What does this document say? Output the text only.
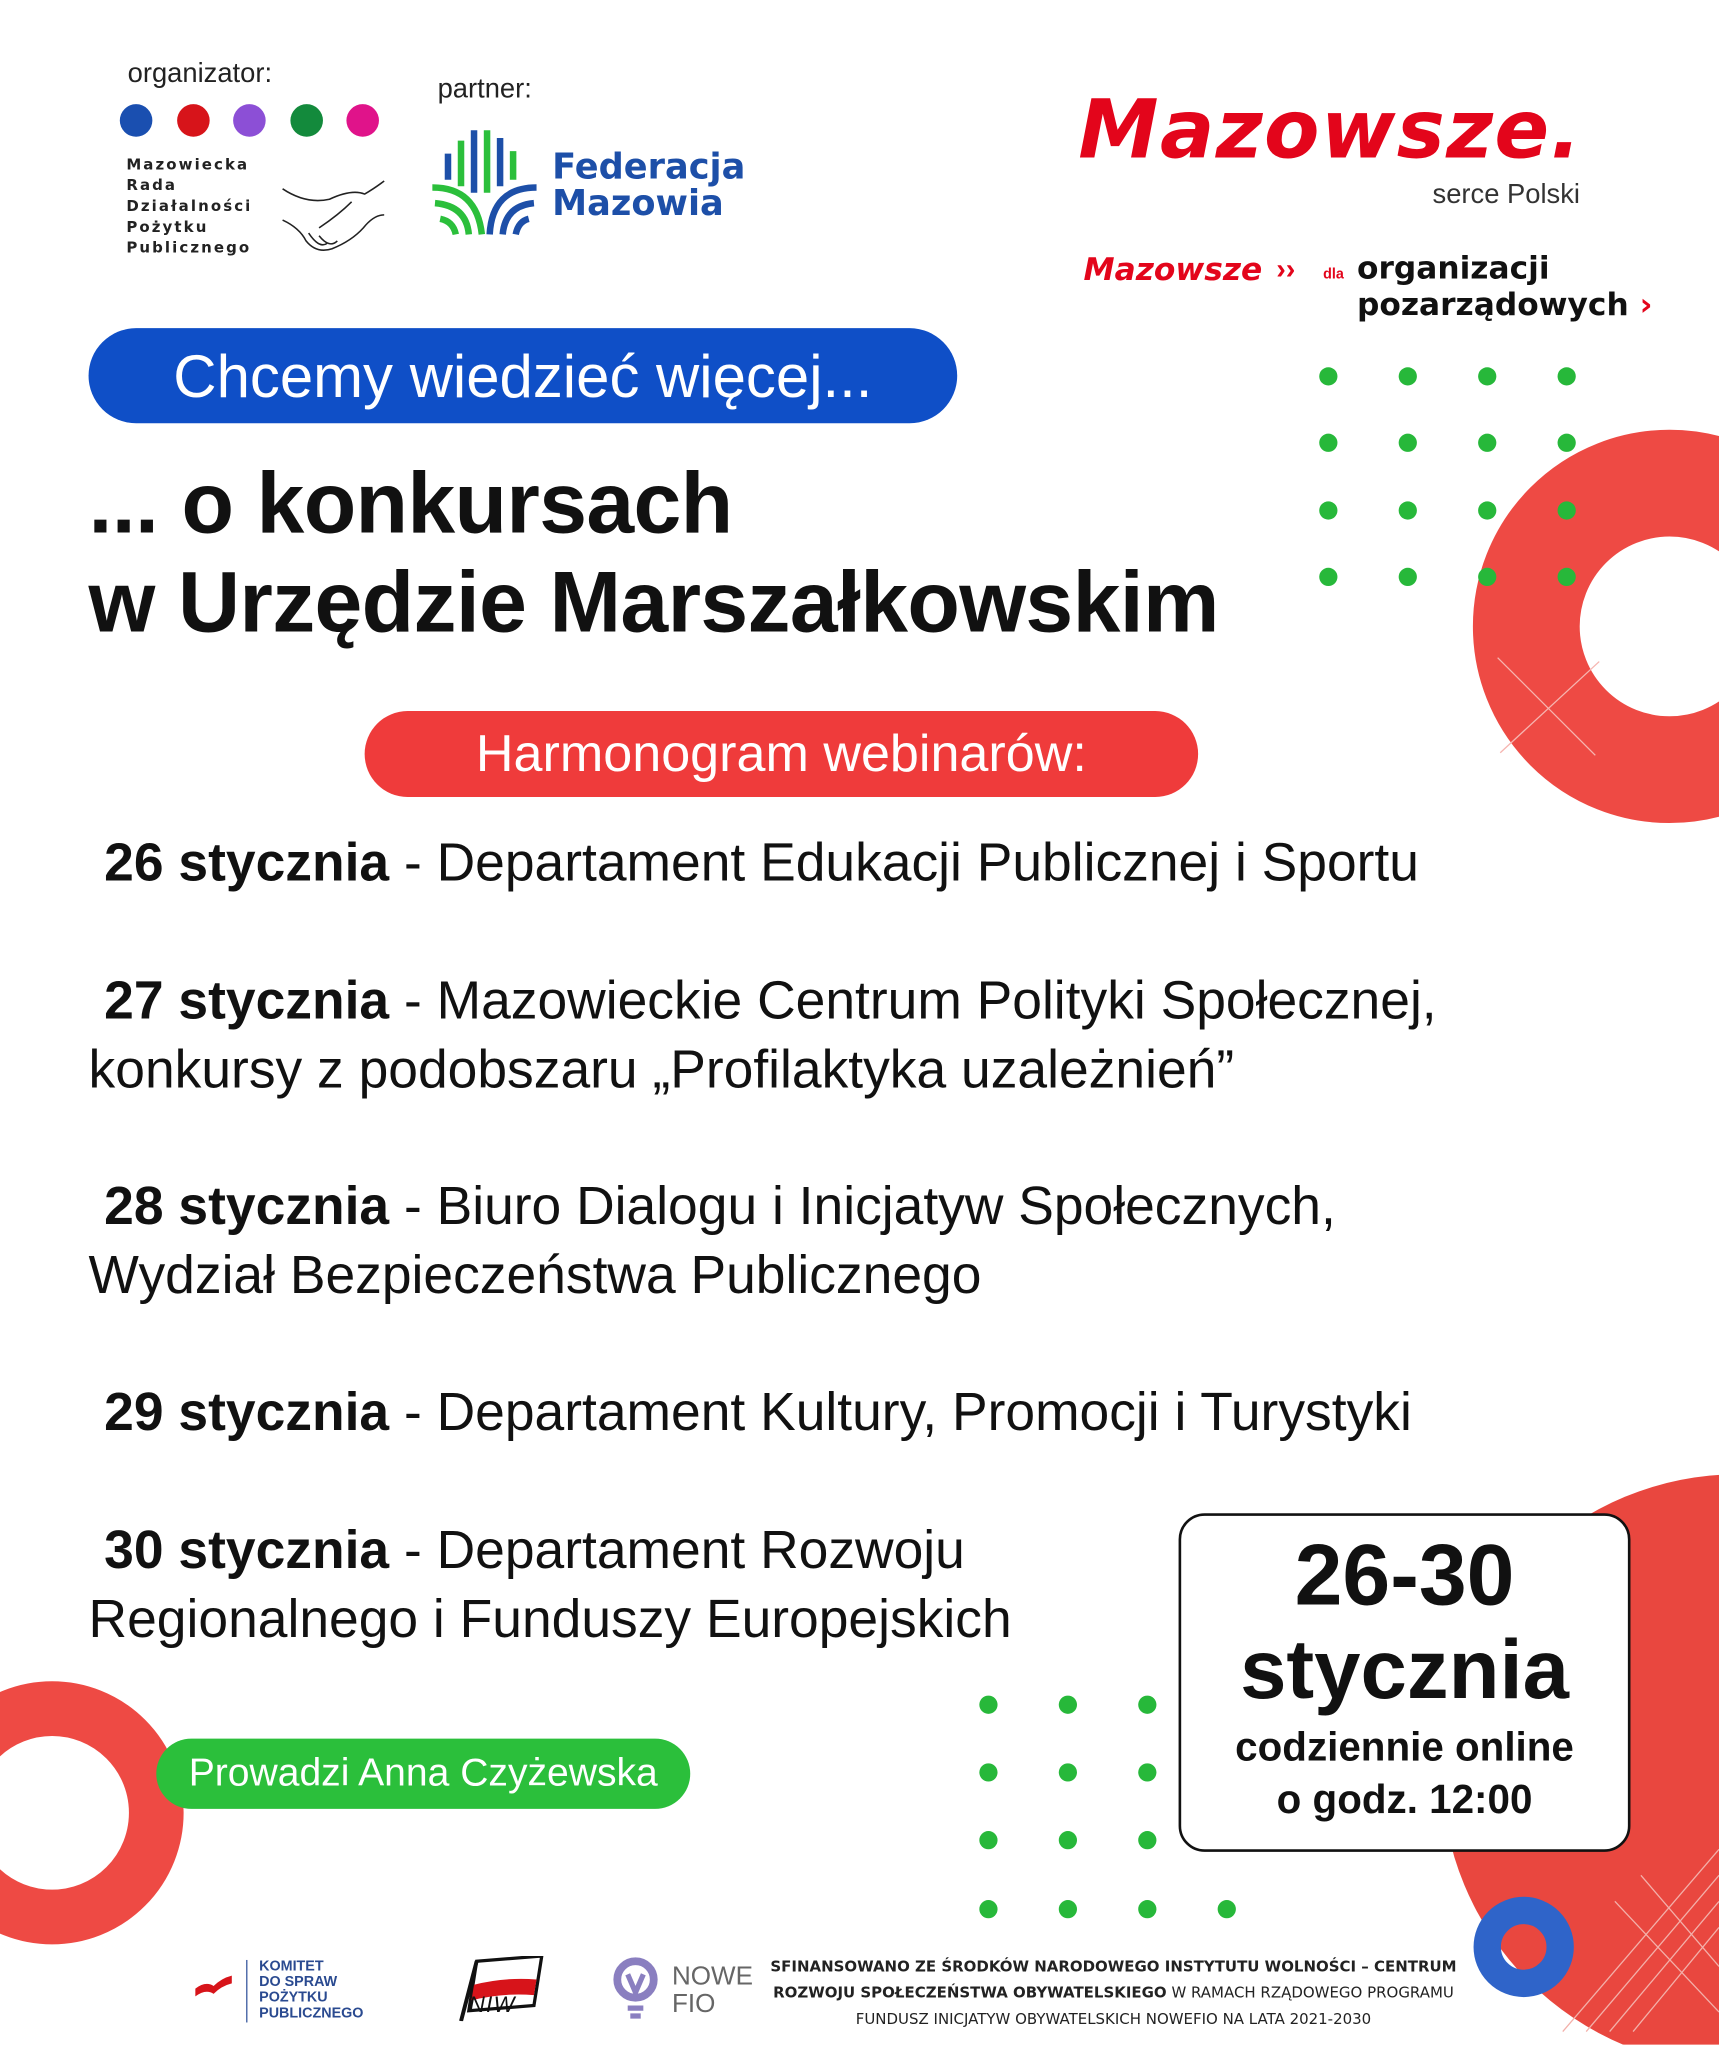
organizator:
Mazowiecka
Rada
Działalności
Pożytku
Publicznego
partner:
Federacja
Mazowia
Mazowsze.
serce Polski
Mazowsze ››	dla organizacji
pozarządowych ›
Chcemy wiedzieć więcej...
... o konkursach
w Urzędzie Marszałkowskim
Harmonogram webinarów:
26 stycznia - Departament Edukacji Publicznej i Sportu
27 stycznia - Mazowieckie Centrum Polityki Społecznej,
konkursy z podobszaru „Profilaktyka uzależnień”
28 stycznia - Biuro Dialogu i Inicjatyw Społecznych,
Wydział Bezpieczeństwa Publicznego
29 stycznia - Departament Kultury, Promocji i Turystyki
30 stycznia - Departament Rozwoju
Regionalnego i Funduszy Europejskich	26-30
stycznia
codziennie online
o godz. 12:00
Prowadzi Anna Czyżewska
KOMITET
DO SPRAW
POŻYTKU
PUBLICZNEGO	NIW
NOWE
FIO
SFINANSOWANO ZE ŚRODKÓW NARODOWEGO INSTYTUTU WOLNOŚCI – CENTRUM
ROZWOJU SPOŁECZEŃSTWA OBYWATELSKIEGO W RAMACH RZĄDOWEGO PROGRAMU
FUNDUSZ INICJATYW OBYWATELSKICH NOWEFIO NA LATA 2021-2030
